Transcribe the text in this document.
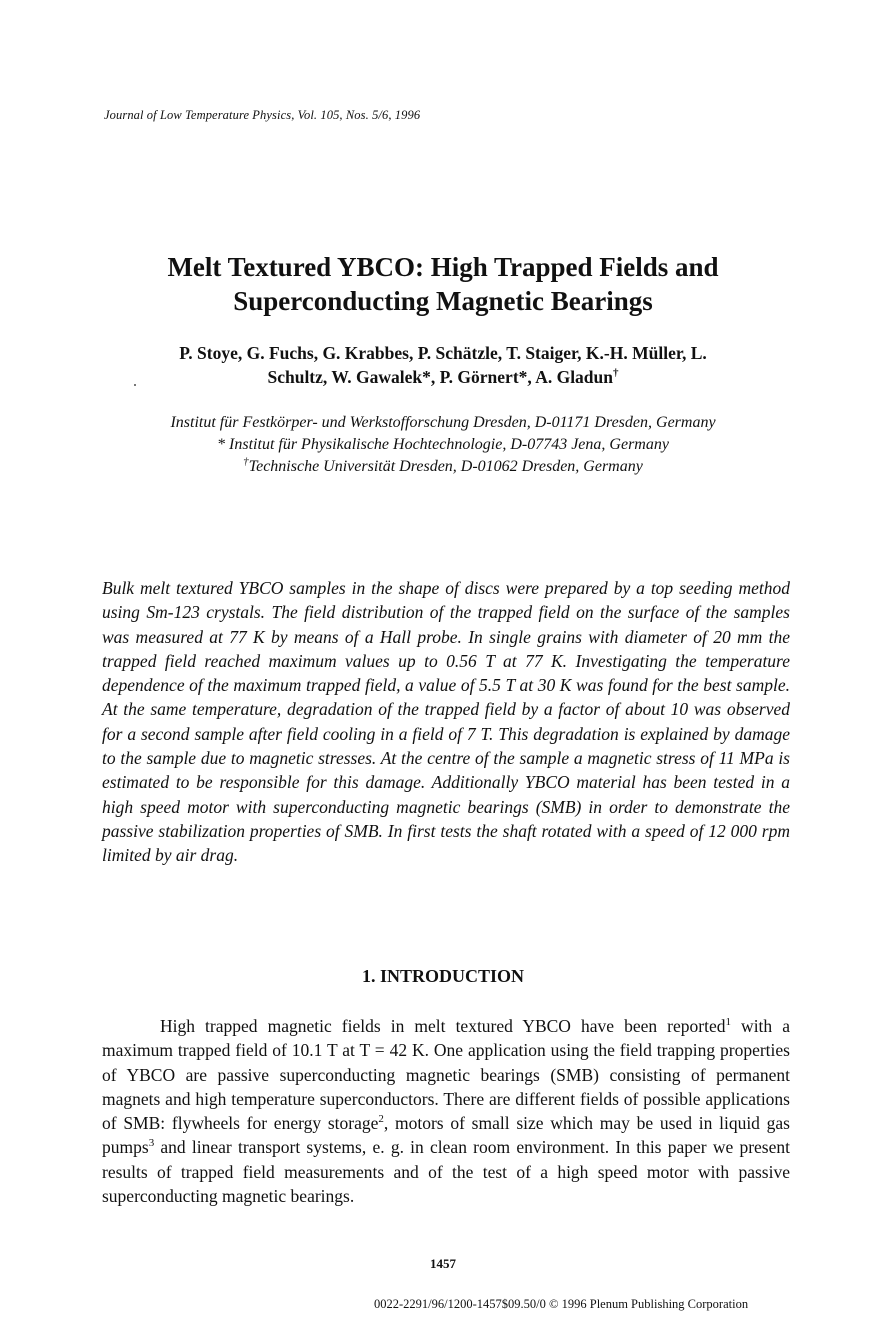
Journal of Low Temperature Physics, Vol. 105, Nos. 5/6, 1996
Melt Textured YBCO: High Trapped Fields and
Superconducting Magnetic Bearings
P. Stoye, G. Fuchs, G. Krabbes, P. Schätzle, T. Staiger, K.-H. Müller, L.
Schultz, W. Gawalek*, P. Görnert*, A. Gladun†
Institut für Festkörper- und Werkstofforschung Dresden, D-01171 Dresden, Germany
* Institut für Physikalische Hochtechnologie, D-07743 Jena, Germany
†Technische Universität Dresden, D-01062 Dresden, Germany

Bulk melt textured YBCO samples in the shape of discs were prepared by a top seeding method using Sm-123 crystals. The field distribution of the trapped field on the surface of the samples was measured at 77 K by means of a Hall probe. In single grains with diameter of 20 mm the trapped field reached maximum values up to 0.56 T at 77 K. Investigating the temperature dependence of the maximum trapped field, a value of 5.5 T at 30 K was found for the best sample. At the same temperature, degradation of the trapped field by a factor of about 10 was observed for a second sample after field cooling in a field of 7 T. This degradation is explained by damage to the sample due to magnetic stresses. At the centre of the sample a magnetic stress of 11 MPa is estimated to be responsible for this damage. Additionally YBCO material has been tested in a high speed motor with superconducting magnetic bearings (SMB) in order to demonstrate the passive stabilization properties of SMB. In first tests the shaft rotated with a speed of 12 000 rpm limited by air drag.

1. INTRODUCTION

High trapped magnetic fields in melt textured YBCO have been reported$^1$ with a maximum trapped field of 10.1 T at T = 42 K. One application using the field trapping properties of YBCO are passive superconducting magnetic bearings (SMB) consisting of permanent magnets and high temperature superconductors. There are different fields of possible applications of SMB: flywheels for energy storage$^2$, motors of small size which may be used in liquid gas pumps$^3$ and linear transport systems, e. g. in clean room environment. In this paper we present results of trapped field measurements and of the test of a high speed motor with passive superconducting magnetic bearings.

1457
0022-2291/96/1200-1457$09.50/0 © 1996 Plenum Publishing Corporation
